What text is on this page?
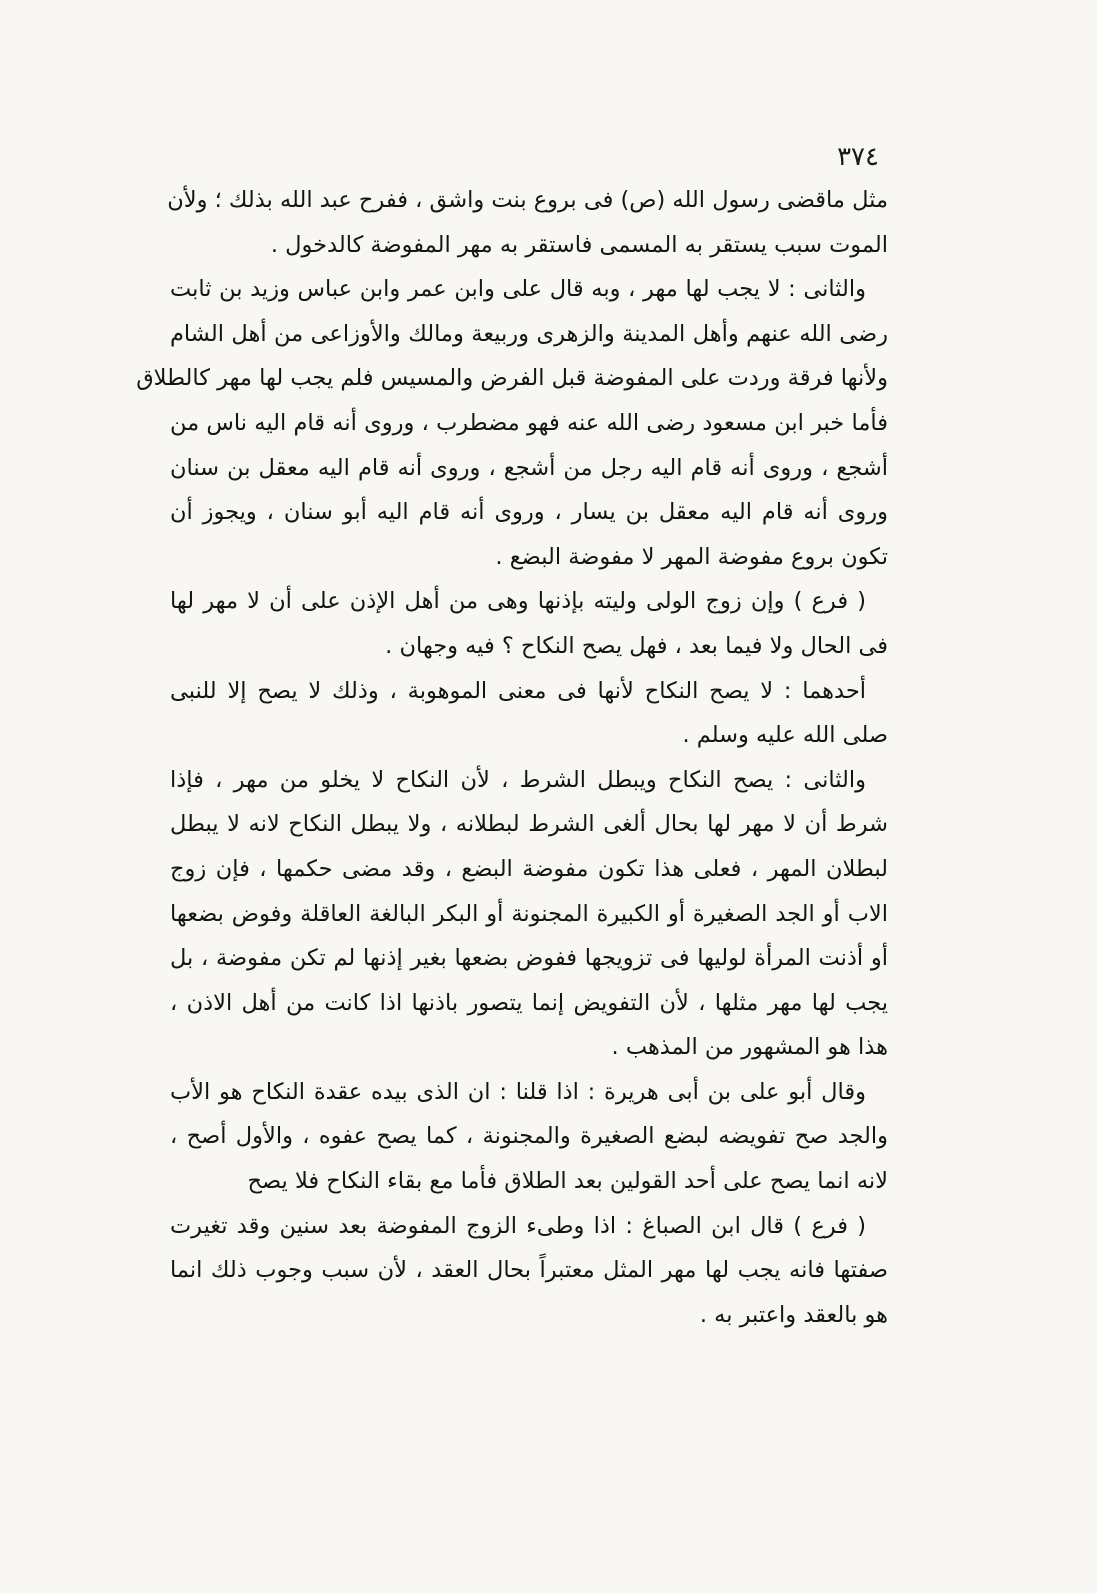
٣٧٤
مثل ماقضى رسول الله (ص) فى بروع بنت واشق ، ففرح عبد الله بذلك ؛ ولأن
الموت سبب يستقر به المسمى فاستقر به مهر المفوضة كالدخول .
والثانى : لا يجب لها مهر ، وبه قال على وابن عمر وابن عباس وزيد بن ثابت
رضى الله عنهم وأهل المدينة والزهرى وربيعة ومالك والأوزاعى من أهل الشام
ولأنها فرقة وردت على المفوضة قبل الفرض والمسيس فلم يجب لها مهر كالطلاق
فأما خبر ابن مسعود رضى الله عنه فهو مضطرب ، وروى أنه قام اليه ناس من
أشجع ، وروى أنه قام اليه رجل من أشجع ، وروى أنه قام اليه معقل بن سنان
وروى أنه قام اليه معقل بن يسار ، وروى أنه قام اليه أبو سنان ، ويجوز أن
تكون بروع مفوضة المهر لا مفوضة البضع .
( فرع ) وإن زوج الولى وليته بإذنها وهى من أهل الإذن على أن لا مهر لها
فى الحال ولا فيما بعد ، فهل يصح النكاح ؟ فيه وجهان .
أحدهما : لا يصح النكاح لأنها فى معنى الموهوبة ، وذلك لا يصح إلا للنبى
صلى الله عليه وسلم .
والثانى : يصح النكاح ويبطل الشرط ، لأن النكاح لا يخلو من مهر ، فإذا
شرط أن لا مهر لها بحال ألغى الشرط لبطلانه ، ولا يبطل النكاح لانه لا يبطل
لبطلان المهر ، فعلى هذا تكون مفوضة البضع ، وقد مضى حكمها ، فإن زوج
الاب أو الجد الصغيرة أو الكبيرة المجنونة أو البكر البالغة العاقلة وفوض بضعها
أو أذنت المرأة لوليها فى تزويجها ففوض بضعها بغير إذنها لم تكن مفوضة ، بل
يجب لها مهر مثلها ، لأن التفويض إنما يتصور باذنها اذا كانت من أهل الاذن ،
هذا هو المشهور من المذهب .
وقال أبو على بن أبى هريرة : اذا قلنا : ان الذى بيده عقدة النكاح هو الأب
والجد صح تفويضه لبضع الصغيرة والمجنونة ، كما يصح عفوه ، والأول أصح ،
لانه انما يصح على أحد القولين بعد الطلاق فأما مع بقاء النكاح فلا يصح
( فرع ) قال ابن الصباغ : اذا وطىء الزوج المفوضة بعد سنين وقد تغيرت
صفتها فانه يجب لها مهر المثل معتبراً بحال العقد ، لأن سبب وجوب ذلك انما
هو بالعقد واعتبر به .
